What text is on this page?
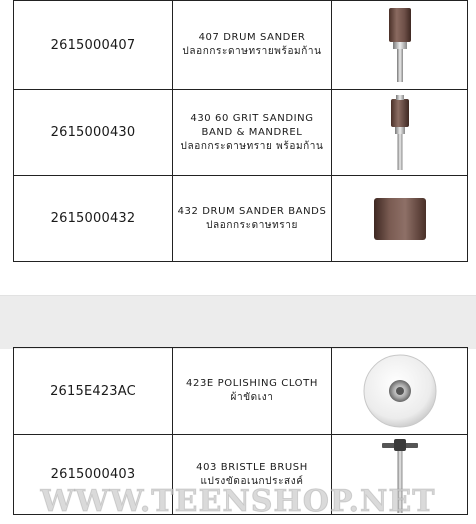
2615000407	407 DRUM SANDER
ปลอกกระดาษทรายพร้อมก้าน

2615000430	430 60 GRIT SANDING
BAND & MANDREL
ปลอกกระดาษทราย พร้อมก้าน

2615000432	432 DRUM SANDER BANDS
ปลอกกระดาษทราย

2615E423AC	423E POLISHING CLOTH
ผ้าขัดเงา

2615000403	403 BRISTLE BRUSH
แปรงขัดอเนกประสงค์

WWW.TEENSHOP.NET
